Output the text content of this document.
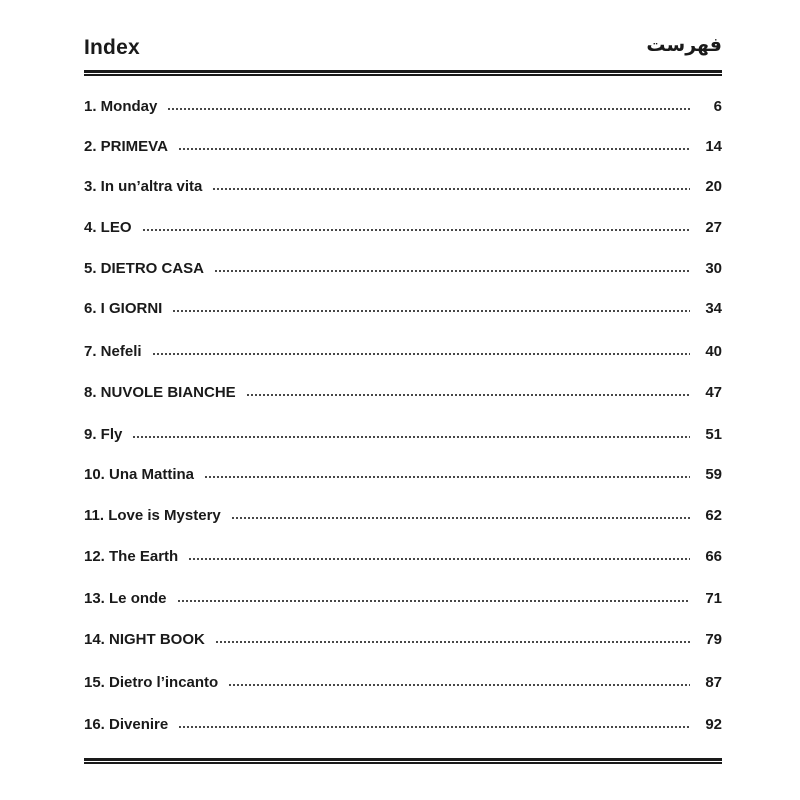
Index	فهرست
1. Monday	6
2. PRIMEVA	14
3. In un’altra vita	20
4. LEO	27
5. DIETRO CASA	30
6. I GIORNI	34
7. Nefeli	40
8. NUVOLE BIANCHE	47
9. Fly	51
10. Una Mattina	59
11. Love is Mystery	62
12. The Earth	66
13. Le onde	71
14. NIGHT BOOK	79
15. Dietro l’incanto	87
16. Divenire	92
